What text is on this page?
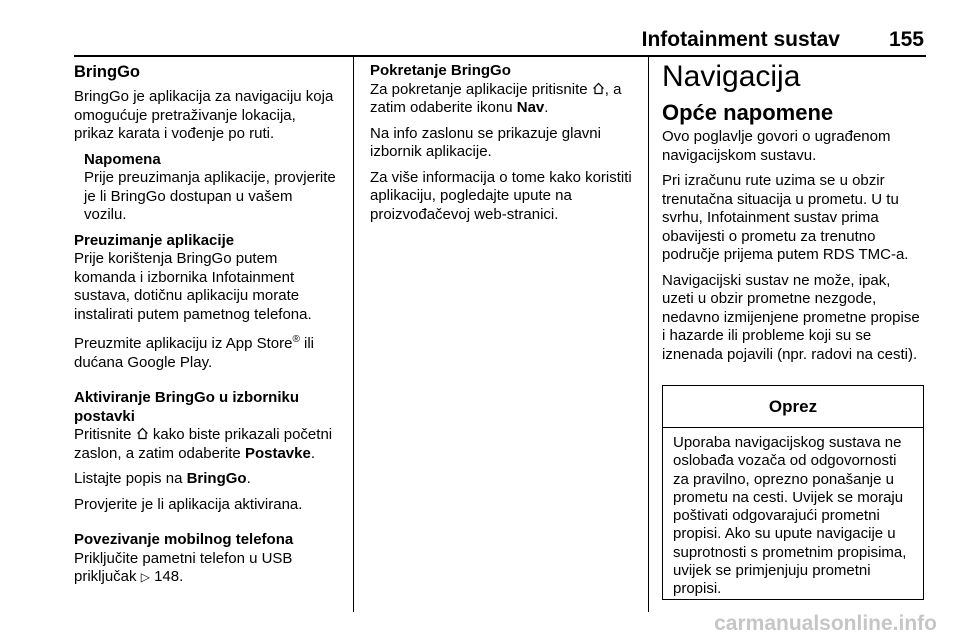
Infotainment sustav	155
BringGo

BringGo je aplikacija za navigaciju koja omogućuje pretraživanje lokacija, prikaz karata i vođenje po ruti.

Napomena
Prije preuzimanja aplikacije, provjerite je li BringGo dostupan u vašem vozilu.
Preuzimanje aplikacije

Prije korištenja BringGo putem komanda i izbornika Infotainment sustava, dotičnu aplikaciju morate instalirati putem pametnog telefona.

Preuzmite aplikaciju iz App Store® ili dućana Google Play.

Aktiviranje BringGo u izborniku postavki

Pritisnite  kako biste prikazali početni zaslon, a zatim odaberite Postavke.

Listajte popis na BringGo.

Provjerite je li aplikacija aktivirana.

Povezivanje mobilnog telefona

Priključite pametni telefon u USB priključak ▷ 148.

Pokretanje BringGo

Za pokretanje aplikacije pritisnite , a zatim odaberite ikonu Nav.

Na info zaslonu se prikazuje glavni izbornik aplikacije.

Za više informacija o tome kako koristiti aplikaciju, pogledajte upute na proizvođačevoj web-stranici.

Navigacija
Opće napomene

Ovo poglavlje govori o ugrađenom navigacijskom sustavu.

Pri izračunu rute uzima se u obzir trenutačna situacija u prometu. U tu svrhu, Infotainment sustav prima obavijesti o prometu za trenutno područje prijema putem RDS TMC-a.

Navigacijski sustav ne može, ipak, uzeti u obzir prometne nezgode, nedavno izmijenjene prometne propise i hazarde ili probleme koji su se iznenada pojavili (npr. radovi na cesti).

Oprez
Uporaba navigacijskog sustava ne oslobađa vozača od odgovornosti za pravilno, oprezno ponašanje u prometu na cesti. Uvijek se moraju poštivati odgovarajući prometni propisi. Ako su upute navigacije u suprotnosti s prometnim propisima, uvijek se primjenjuju prometni propisi.
carmanualsonline.info
